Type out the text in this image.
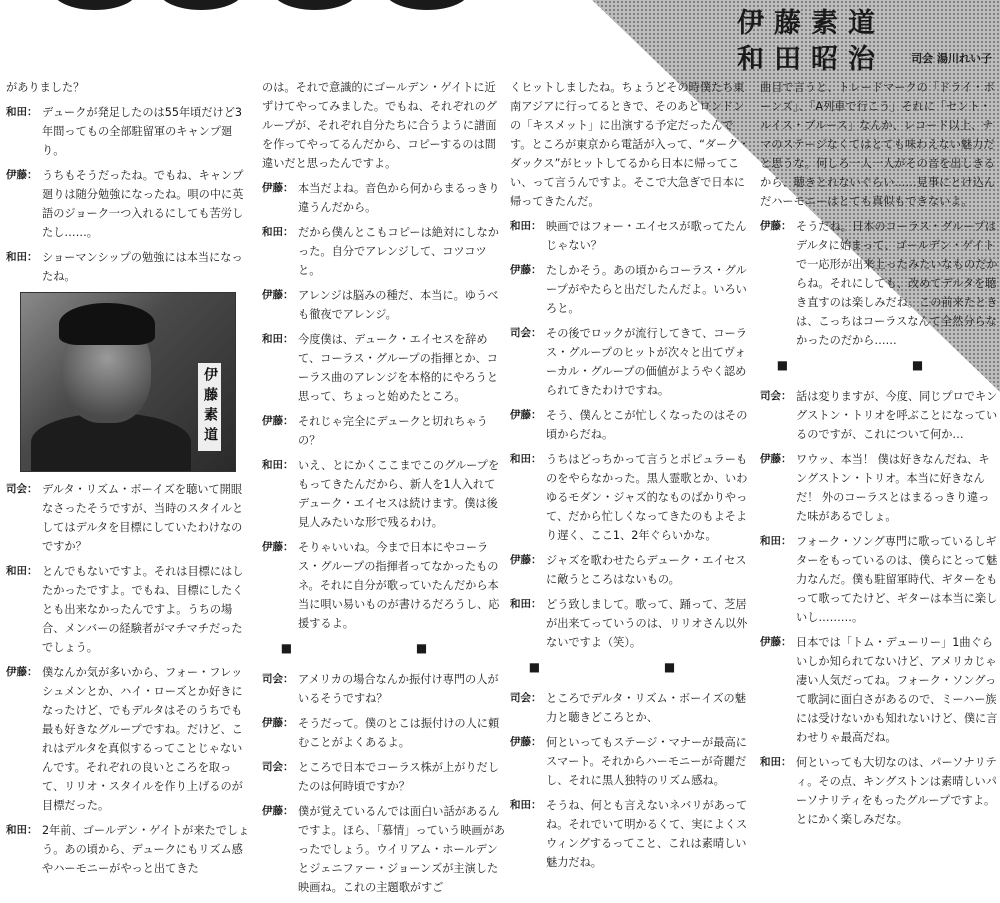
伊藤素道
和田昭治 司会 湯川れい子
がありました？
和田： デュークが発足したのは55年頃だけど3年間ってもの全部駐留軍のキャンプ廻り。
伊藤： うちもそうだったね。でもね、キャンプ廻りは随分勉強になったね。唄の中に英語のジョーク一つ入れるにしても苦労したし……。
和田： ショーマンシップの勉強には本当になったね。
伊藤素道
司会： デルタ・リズム・ボーイズを聴いて開眼なさったそうですが、当時のスタイルとしてはデルタを目標にしていたわけなのですか？
和田： とんでもないですよ。それは目標にはしたかったですよ。でもね、目標にしたくとも出来なかったんですよ。うちの場合、メンバーの経験者がマチマチだったでしょう。
伊藤： 僕なんか気が多いから、フォー・フレッシュメンとか、ハイ・ローズとか好きになったけど、でもデルタはそのうちでも最も好きなグループですね。だけど、これはデルタを真似するってことじゃないんです。それぞれの良いところを取って、リリオ・スタイルを作り上げるのが目標だった。
和田： 2年前、ゴールデン・ゲイトが来たでしょう。あの頃から、デュークにもリズム感やハーモニーがやっと出てきた
のは。それで意識的にゴールデン・ゲイトに近ずけてやってみました。でもね、それぞれのグループが、それぞれ自分たちに合うように譜面を作ってやってるんだから、コピーするのは間違いだと思ったんですよ。
伊藤： 本当だよね。音色から何からまるっきり違うんだから。
和田： だから僕んとこもコピーは絶対にしなかった。自分でアレンジして、コツコツと。
伊藤： アレンジは脳みの種だ、本当に。ゆうべも徹夜でアレンジ。
和田： 今度僕は、デューク・エイセスを辞めて、コーラス・グループの指揮とか、コーラス曲のアレンジを本格的にやろうと思って、ちょっと始めたところ。
伊藤： それじゃ完全にデュークと切れちゃうの？
和田： いえ、とにかくここまでこのグループをもってきたんだから、新人を1人入れてデューク・エイセスは続けます。僕は後見人みたいな形で残るわけ。
伊藤： そりゃいいね。今まで日本にやコーラス・グループの指揮者ってなかったものネ。それに自分が歌っていたんだから本当に唄い易いものが書けるだろうし、応援するよ。
■ ■
司会： アメリカの場合なんか振付け専門の人がいるそうですね？
伊藤： そうだって。僕のとこは振付けの人に頼むことがよくあるよ。
司会： ところで日本でコーラス株が上がりだしたのは何時頃ですか？
伊藤： 僕が覚えているんでは面白い話があるんですよ。ほら、「慕情」っていう映画があったでしょう。ウイリアム・ホールデンとジェニファー・ジョーンズが主演した映画ね。これの主題歌がすご
くヒットしましたね。ちょうどその時僕たち東南アジアに行ってるときで、そのあとロンドンの「キスメット」に出演する予定だったんです。ところが東京から電話が入って、“ダーク・ダックス”がヒットしてるから日本に帰ってこい、って言うんですよ。そこで大急ぎで日本に帰ってきたんだ。
和田： 映画ではフォー・エイセスが歌ってたんじゃない？
伊藤： たしかそう。あの頃からコーラス・グループがやたらと出だしたんだよ。いろいろと。
司会： その後でロックが流行してきて、コーラス・グループのヒットが次々と出てヴォーカル・グループの価値がようやく認められてきたわけですね。
伊藤： そう、僕んとこが忙しくなったのはその頃からだね。
和田： うちはどっちかって言うとポピュラーものをやらなかった。黒人霊歌とか、いわゆるモダン・ジャズ的なものばかりやって、だから忙しくなってきたのもよそより遅く、ここ1、2年ぐらいかな。
伊藤： ジャズを歌わせたらデューク・エイセスに敵うところはないもの。
和田： どう致しまして。歌って、踊って、芝居が出来てっていうのは、リリオさん以外ないですよ（笑）。
■ ■
司会： ところでデルタ・リズム・ボーイズの魅力と聴きどころとか、
伊藤： 何といってもステージ・マナーが最高にスマート。それからハーモニーが奇麗だし、それに黒人独特のリズム感ね。
和田： そうね、何とも言えないネバリがあってね。それでいて明かるくて、実によくスウィングするってこと、これは素晴しい魅力だね。
曲目で言うと、トレードマークの「ドライ・ボーンズ」、「A列車で行こう」それに「セント・ルイス・ブルース」なんか、レコード以上、ナマのステージなくてはとても味わえない魅力だと思うな。何しろ一人一人がその音を出しきるから、聴きとれないぐらい……見事にとけ込んだハーモニーはとても真似もできないよ。
伊藤： そうだね。日本のコーラス・グループはデルタに始まって、ゴールデン・ゲイトで一応形が出来上ったみたいなものだからね。それにしても、改めてデルタを聴き直すのは楽しみだね。この前来たときは、こっちはコーラスなんて全然分らなかったのだから……
■ ■
司会： 話は変りますが、今度、同じプロでキングストン・トリオを呼ぶことになっているのですが、これについて何か…
伊藤： ワウッ、本当！ 僕は好きなんだね、キングストン・トリオ。本当に好きなんだ！ 外のコーラスとはまるっきり違った味があるでしょ。
和田： フォーク・ソング専門に歌っているしギターをもっているのは、僕らにとって魅力なんだ。僕も駐留軍時代、ギターをもって歌ってたけど、ギターは本当に楽しいし………。
伊藤： 日本では「トム・デューリー」1曲ぐらいしか知られてないけど、アメリカじゃ凄い人気だってね。フォーク・ソングって歌詞に面白さがあるので、ミーハー族には受けないかも知れないけど、僕に言わせりゃ最高だね。
和田： 何といっても大切なのは、パーソナリティ。その点、キングストンは素晴しいパーソナリティをもったグループですよ。とにかく楽しみだな。
